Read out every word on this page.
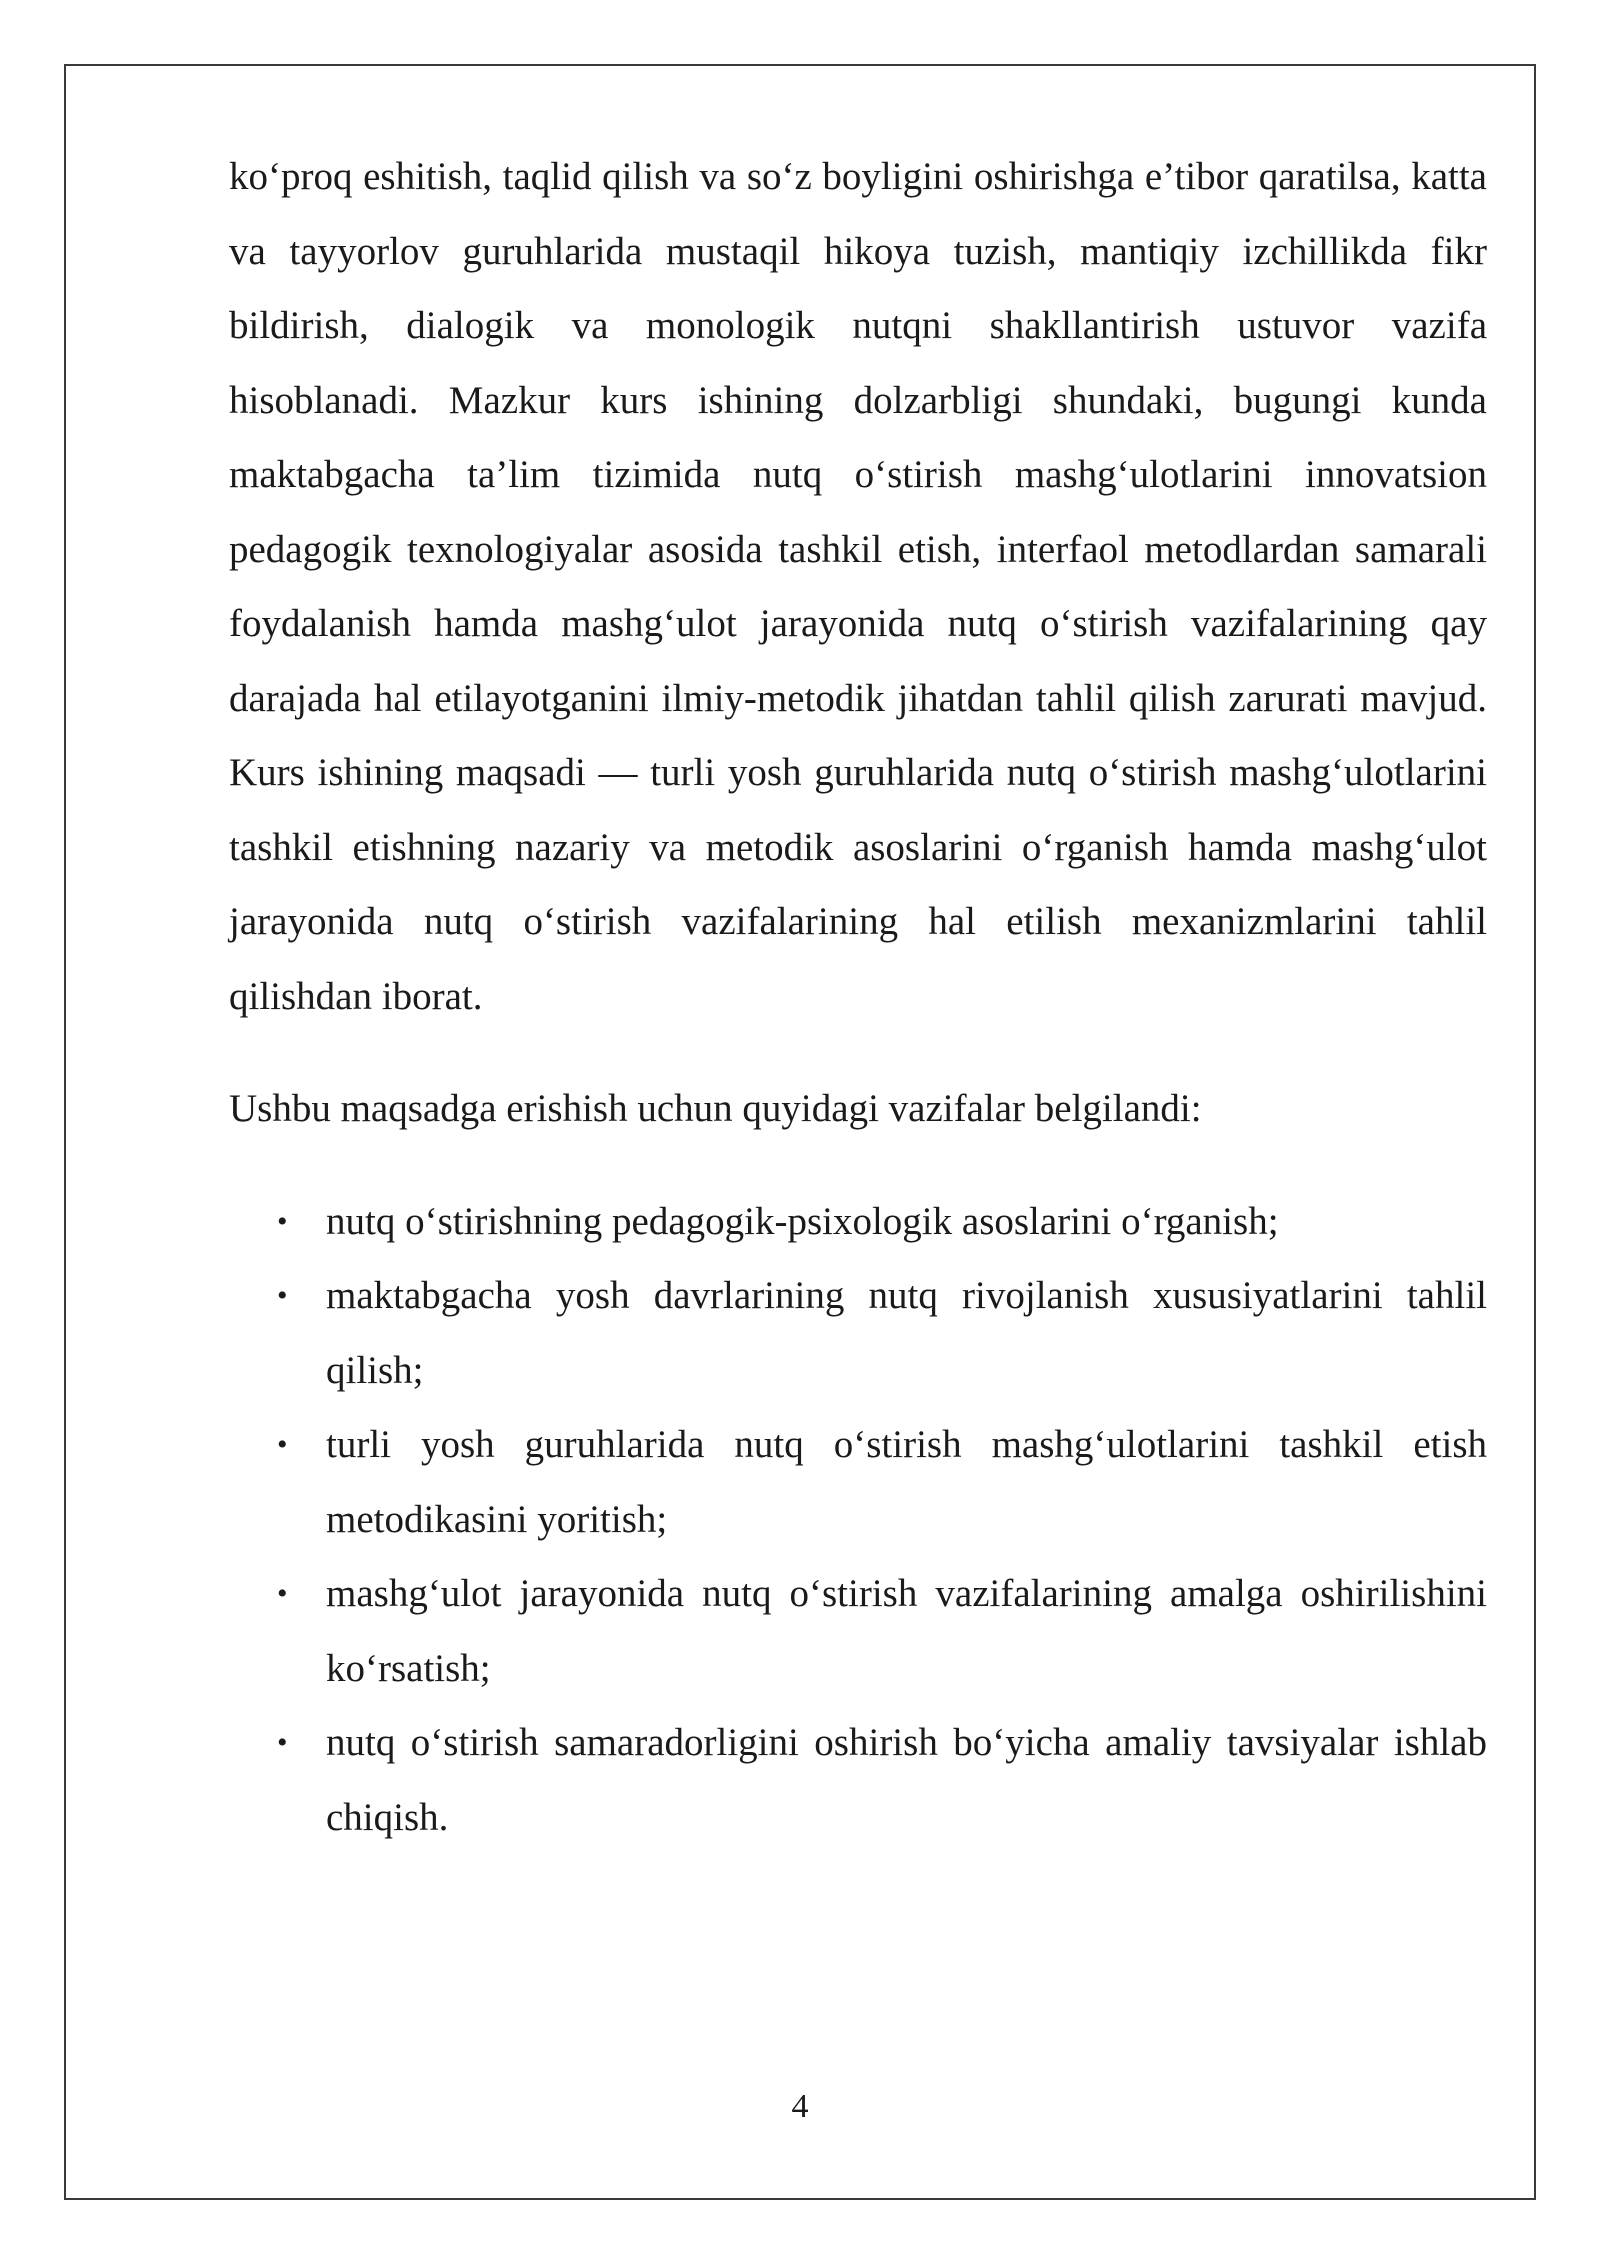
ko‘proq eshitish, taqlid qilish va so‘z boyligini oshirishga e’tibor qaratilsa, katta va tayyorlov guruhlarida mustaqil hikoya tuzish, mantiqiy izchillikda fikr bildirish, dialogik va monologik nutqni shakllantirish ustuvor vazifa hisoblanadi. Mazkur kurs ishining dolzarbligi shundaki, bugungi kunda maktabgacha ta’lim tizimida nutq o‘stirish mashg‘ulotlarini innovatsion pedagogik texnologiyalar asosida tashkil etish, interfaol metodlardan samarali foydalanish hamda mashg‘ulot jarayonida nutq o‘stirish vazifalarining qay darajada hal etilayotganini ilmiy-metodik jihatdan tahlil qilish zarurati mavjud. Kurs ishining maqsadi — turli yosh guruhlarida nutq o‘stirish mashg‘ulotlarini tashkil etishning nazariy va metodik asoslarini o‘rganish hamda mashg‘ulot jarayonida nutq o‘stirish vazifalarining hal etilish mexanizmlarini tahlil qilishdan iborat.

Ushbu maqsadga erishish uchun quyidagi vazifalar belgilandi:

• nutq o‘stirishning pedagogik-psixologik asoslarini o‘rganish;
• maktabgacha yosh davrlarining nutq rivojlanish xususiyatlarini tahlil qilish;
• turli yosh guruhlarida nutq o‘stirish mashg‘ulotlarini tashkil etish metodikasini yoritish;
• mashg‘ulot jarayonida nutq o‘stirish vazifalarining amalga oshirilishini ko‘rsatish;
• nutq o‘stirish samaradorligini oshirish bo‘yicha amaliy tavsiyalar ishlab chiqish.
4
